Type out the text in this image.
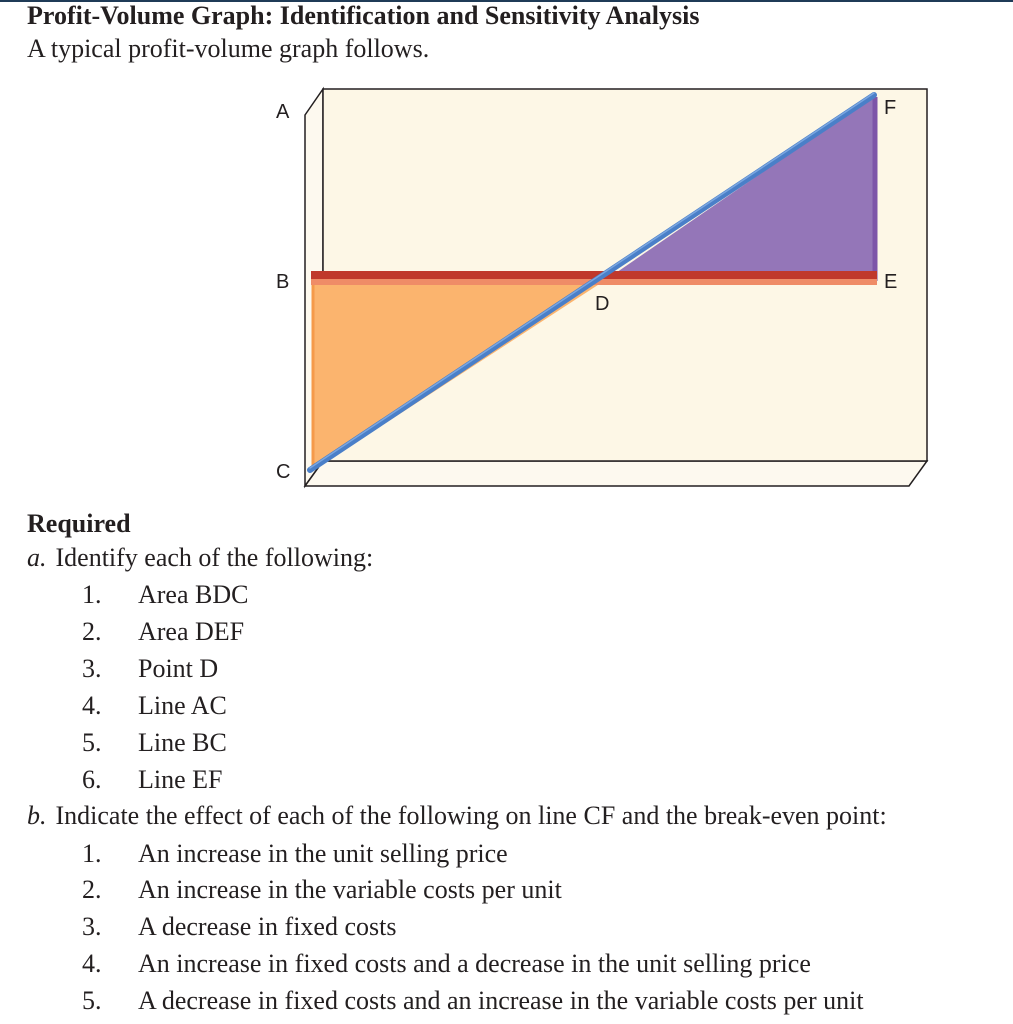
Profit-Volume Graph: Identification and Sensitivity Analysis
A typical profit-volume graph follows.
A
B
C
D
E
F
Required
a. Identify each of the following:
1. Area BDC
2. Area DEF
3. Point D
4. Line AC
5. Line BC
6. Line EF
b. Indicate the effect of each of the following on line CF and the break-even point:
1. An increase in the unit selling price
2. An increase in the variable costs per unit
3. A decrease in fixed costs
4. An increase in fixed costs and a decrease in the unit selling price
5. A decrease in fixed costs and an increase in the variable costs per unit
